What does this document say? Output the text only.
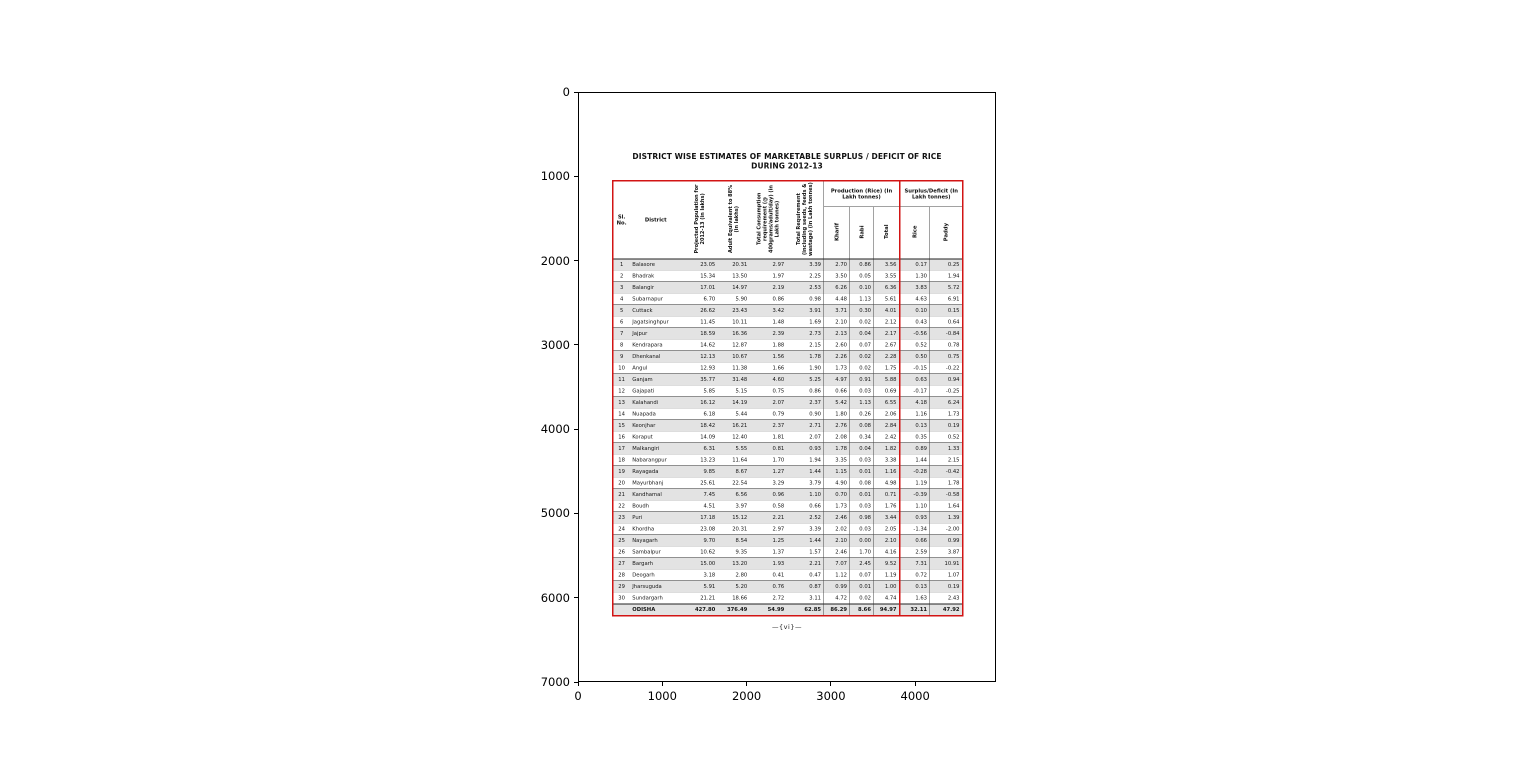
DISTRICT WISE ESTIMATES OF MARKETABLE SURPLUS / DEFICIT OF RICE
DURING 2012-13
Sl. No.	District	Projected Population for 2012-13 (in lakhs)	Adult Equivalent to 88% (in lakhs)	Total Consumption requirement (@ 400grams/adult/day) (in Lakh tonnes)	Total Requirement (including seeds, feeds & wastage) (in Lakh tonnes)	Production (Rice) (In Lakh tonnes)			Surplus/Deficit (In Lakh tonnes)	
						Kharif	Rabi	Total	Rice	Paddy
1	Balasore	23.05	20.31	2.97	3.39	2.70	0.86	3.56	0.17	0.25
2	Bhadrak	15.34	13.50	1.97	2.25	3.50	0.05	3.55	1.30	1.94
3	Balangir	17.01	14.97	2.19	2.53	6.26	0.10	6.36	3.83	5.72
4	Subarnapur	6.70	5.90	0.86	0.98	4.48	1.13	5.61	4.63	6.91
5	Cuttack	26.62	23.43	3.42	3.91	3.71	0.30	4.01	0.10	0.15
6	Jagatsinghpur	11.45	10.11	1.48	1.69	2.10	0.02	2.12	0.43	0.64
7	Jajpur	18.59	16.36	2.39	2.73	2.13	0.04	2.17	-0.56	-0.84
8	Kendrapara	14.62	12.87	1.88	2.15	2.60	0.07	2.67	0.52	0.78
9	Dhenkanal	12.13	10.67	1.56	1.78	2.26	0.02	2.28	0.50	0.75
10	Angul	12.93	11.38	1.66	1.90	1.73	0.02	1.75	-0.15	-0.22
11	Ganjam	35.77	31.48	4.60	5.25	4.97	0.91	5.88	0.63	0.94
12	Gajapati	5.85	5.15	0.75	0.86	0.66	0.03	0.69	-0.17	-0.25
13	Kalahandi	16.12	14.19	2.07	2.37	5.42	1.13	6.55	4.18	6.24
14	Nuapada	6.18	5.44	0.79	0.90	1.80	0.26	2.06	1.16	1.73
15	Keonjhar	18.42	16.21	2.37	2.71	2.76	0.08	2.84	0.13	0.19
16	Koraput	14.09	12.40	1.81	2.07	2.08	0.34	2.42	0.35	0.52
17	Malkangiri	6.31	5.55	0.81	0.93	1.78	0.04	1.82	0.89	1.33
18	Nabarangpur	13.23	11.64	1.70	1.94	3.35	0.03	3.38	1.44	2.15
19	Rayagada	9.85	8.67	1.27	1.44	1.15	0.01	1.16	-0.28	-0.42
20	Mayurbhanj	25.61	22.54	3.29	3.79	4.90	0.08	4.98	1.19	1.78
21	Kandhamal	7.45	6.56	0.96	1.10	0.70	0.01	0.71	-0.39	-0.58
22	Boudh	4.51	3.97	0.58	0.66	1.73	0.03	1.76	1.10	1.64
23	Puri	17.18	15.12	2.21	2.52	2.46	0.98	3.44	0.93	1.39
24	Khordha	23.08	20.31	2.97	3.39	2.02	0.03	2.05	-1.34	-2.00
25	Nayagarh	9.70	8.54	1.25	1.44	2.10	0.00	2.10	0.66	0.99
26	Sambalpur	10.62	9.35	1.37	1.57	2.46	1.70	4.16	2.59	3.87
27	Bargarh	15.00	13.20	1.93	2.21	7.07	2.45	9.52	7.31	10.91
28	Deogarh	3.18	2.80	0.41	0.47	1.12	0.07	1.19	0.72	1.07
29	Jharsuguda	5.91	5.20	0.76	0.87	0.99	0.01	1.00	0.13	0.19
30	Sundargarh	21.21	18.66	2.72	3.11	4.72	0.02	4.74	1.63	2.43
	ODISHA	427.80	376.49	54.99	62.85	86.29	8.66	94.97	32.11	47.92
—{vi}—
0	1000	2000	3000	4000
0
1000
2000
3000
4000
5000
6000
7000
